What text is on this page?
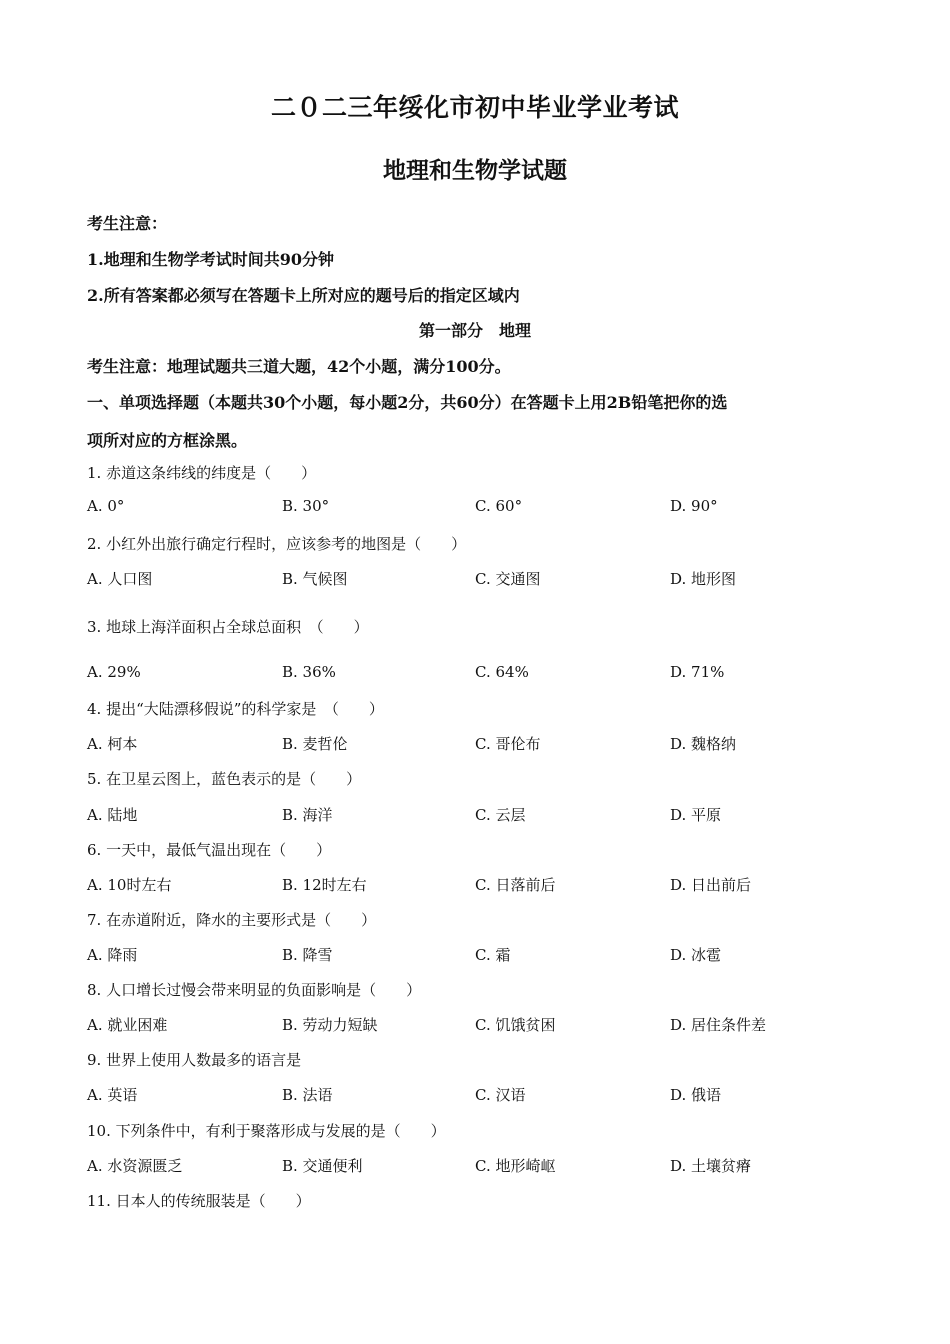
二０二三年绥化市初中毕业学业考试
地理和生物学试题
考生注意：
1.地理和生物学考试时间共90分钟
2.所有答案都必须写在答题卡上所对应的题号后的指定区域内
第一部分　地理
考生注意：地理试题共三道大题，42个小题，满分100分。
一、单项选择题（本题共30个小题，每小题2分，共60分）在答题卡上用2B铅笔把你的选
项所对应的方框涂黑。
1. 赤道这条纬线的纬度是（　　）
A. 0°	B. 30°	C. 60°	D. 90°
2. 小红外出旅行确定行程时，应该参考的地图是（　　）
A. 人口图	B. 气候图	C. 交通图	D. 地形图
3. 地球上海洋面积占全球总面积　（　　）
A. 29%	B. 36%	C. 64%	D. 71%
4. 提出“大陆漂移假说”的科学家是　（　　）
A. 柯本	B. 麦哲伦	C. 哥伦布	D. 魏格纳
5. 在卫星云图上，蓝色表示的是（　　）
A. 陆地	B. 海洋	C. 云层	D. 平原
6. 一天中，最低气温出现在（　　）
A. 10时左右	B. 12时左右	C. 日落前后	D. 日出前后
7. 在赤道附近，降水的主要形式是（　　）
A. 降雨	B. 降雪	C. 霜	D. 冰雹
8. 人口增长过慢会带来明显的负面影响是（　　）
A. 就业困难	B. 劳动力短缺	C. 饥饿贫困	D. 居住条件差
9. 世界上使用人数最多的语言是
A. 英语	B. 法语	C. 汉语	D. 俄语
10. 下列条件中，有利于聚落形成与发展的是（　　）
A. 水资源匮乏	B. 交通便利	C. 地形崎岖	D. 土壤贫瘠
11. 日本人的传统服装是（　　）
